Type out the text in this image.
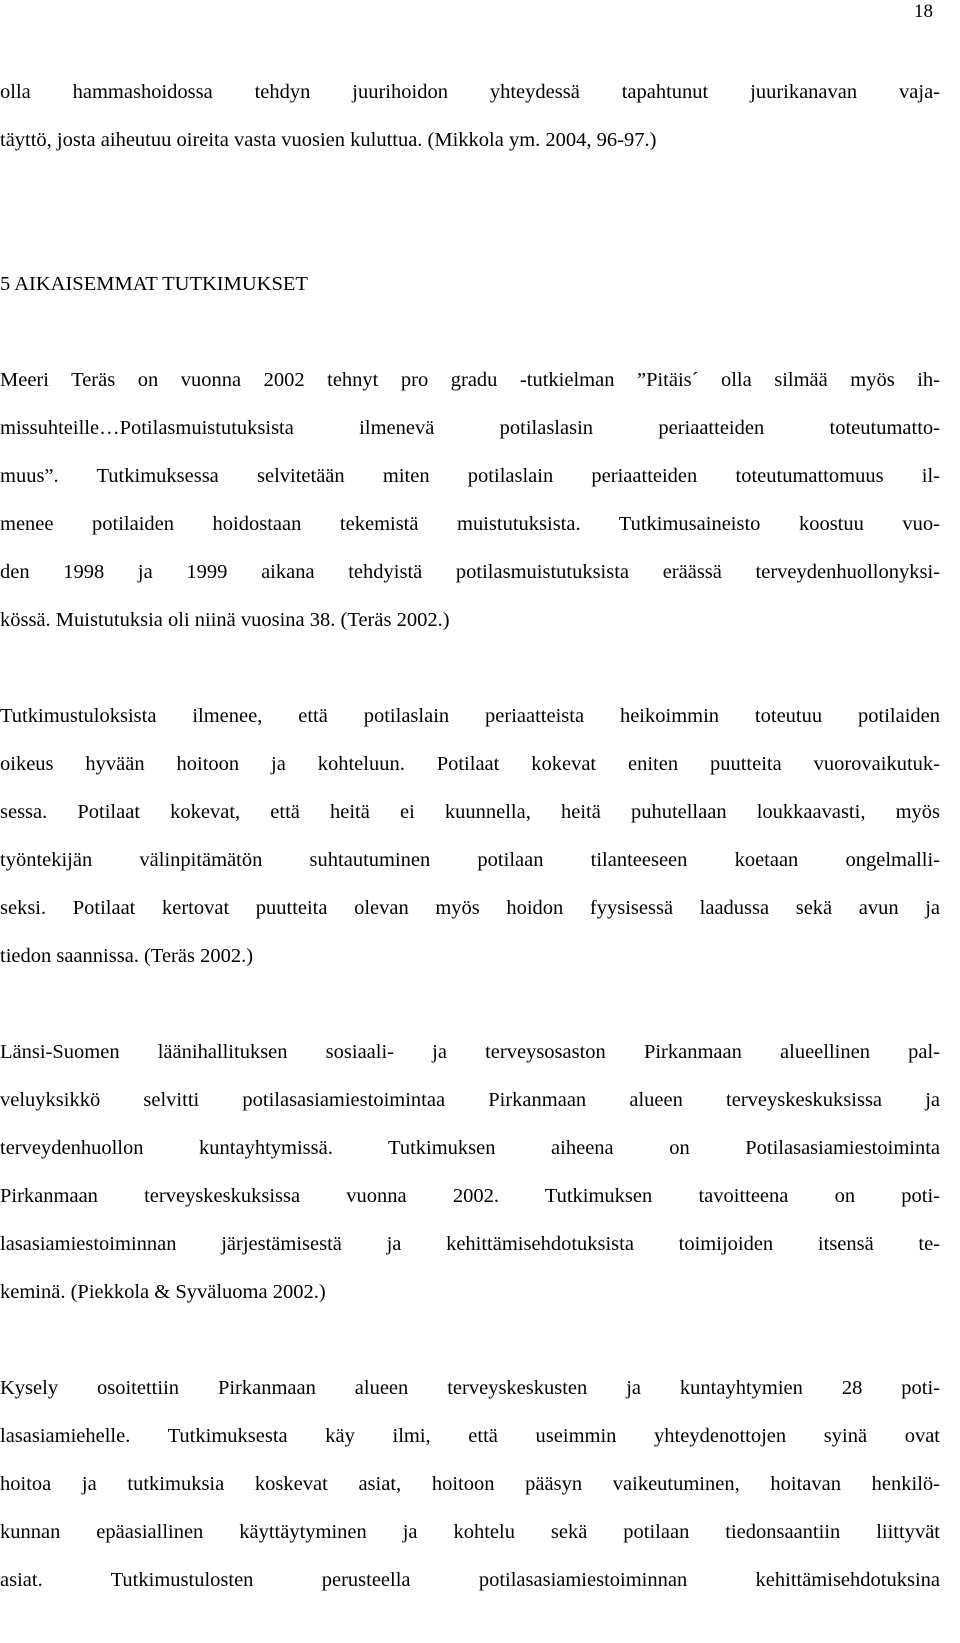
18
olla hammashoidossa tehdyn juurihoidon yhteydessä tapahtunut juurikanavan vaja-
täyttö, josta aiheutuu oireita vasta vuosien kuluttua. (Mikkola ym. 2004, 96-97.)
5 AIKAISEMMAT TUTKIMUKSET
Meeri Teräs on vuonna 2002 tehnyt pro gradu -tutkielman ”Pitäis´ olla silmää myös ih-
missuhteille…Potilasmuistutuksista ilmenevä potilaslasin periaatteiden toteutumatto-
muus”. Tutkimuksessa selvitetään miten potilaslain periaatteiden toteutumattomuus il-
menee potilaiden hoidostaan tekemistä muistutuksista. Tutkimusaineisto koostuu vuo-
den 1998 ja 1999 aikana tehdyistä potilasmuistutuksista eräässä terveydenhuollonyksi-
kössä. Muistutuksia oli niinä vuosina 38. (Teräs 2002.)
Tutkimustuloksista ilmenee, että potilaslain periaatteista heikoimmin toteutuu potilaiden
oikeus hyvään hoitoon ja kohteluun. Potilaat kokevat eniten puutteita vuorovaikutuk-
sessa. Potilaat kokevat, että heitä ei kuunnella, heitä puhutellaan loukkaavasti, myös
työntekijän välinpitämätön suhtautuminen potilaan tilanteeseen koetaan ongelmalli-
seksi. Potilaat kertovat puutteita olevan myös hoidon fyysisessä laadussa sekä avun ja
tiedon saannissa. (Teräs 2002.)
Länsi-Suomen läänihallituksen sosiaali- ja terveysosaston Pirkanmaan alueellinen pal-
veluyksikkö selvitti potilasasiamiestoimintaa Pirkanmaan alueen terveyskeskuksissa ja
terveydenhuollon kuntayhtymissä. Tutkimuksen aiheena on Potilasasiamiestoiminta
Pirkanmaan terveyskeskuksissa vuonna 2002. Tutkimuksen tavoitteena on poti-
lasasiamiestoiminnan järjestämisestä ja kehittämisehdotuksista toimijoiden itsensä te-
keminä. (Piekkola & Syväluoma 2002.)
Kysely osoitettiin Pirkanmaan alueen terveyskeskusten ja kuntayhtymien 28 poti-
lasasiamiehelle. Tutkimuksesta käy ilmi, että useimmin yhteydenottojen syinä ovat
hoitoa ja tutkimuksia koskevat asiat, hoitoon pääsyn vaikeutuminen, hoitavan henkilö-
kunnan epäasiallinen käyttäytyminen ja kohtelu sekä potilaan tiedonsaantiin liittyvät
asiat. Tutkimustulosten perusteella potilasasiamiestoiminnan kehittämisehdotuksina
